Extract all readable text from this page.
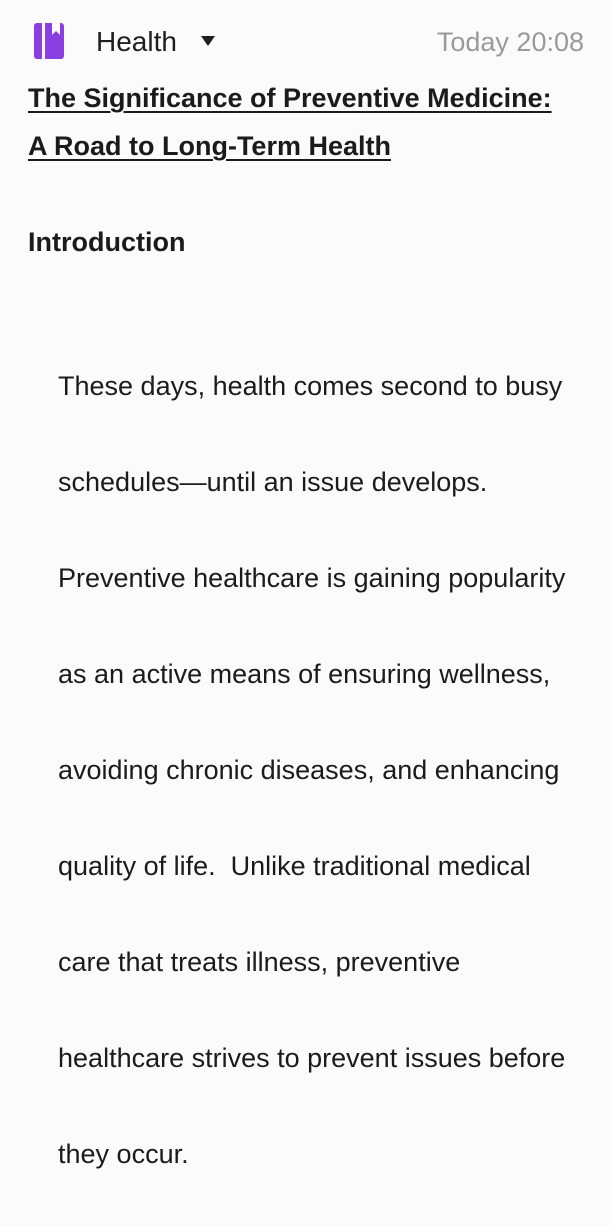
Health	Today 20:08
The Significance of Preventive Medicine:
A Road to Long-Term Health
Introduction

These days, health comes second to busy

schedules—until an issue develops.

Preventive healthcare is gaining popularity

as an active means of ensuring wellness,

avoiding chronic diseases, and enhancing

quality of life.  Unlike traditional medical

care that treats illness, preventive

healthcare strives to prevent issues before

they occur.
